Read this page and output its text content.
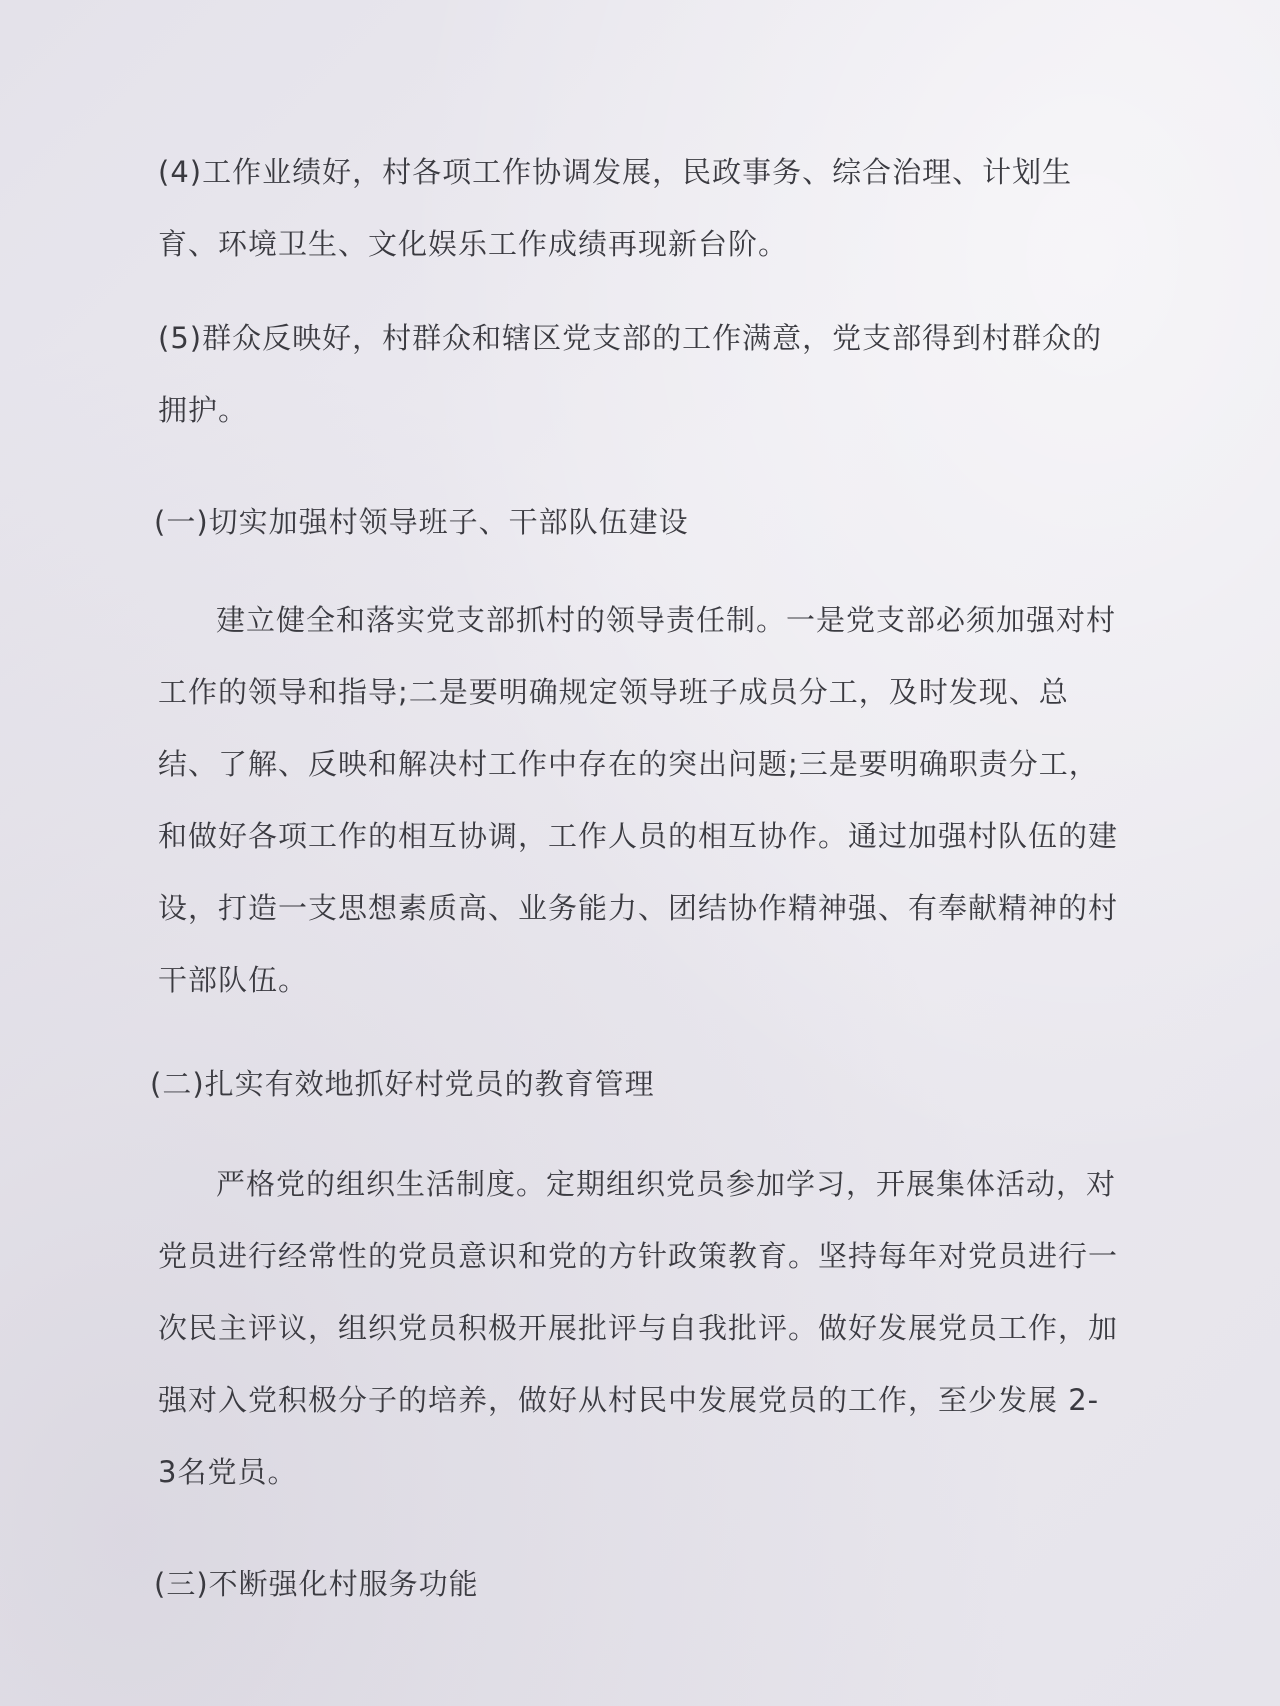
(4)工作业绩好，村各项工作协调发展，民政事务、综合治理、计划生育、环境卫生、文化娱乐工作成绩再现新台阶。

(5)群众反映好，村群众和辖区党支部的工作满意，党支部得到村群众的拥护。

(一)切实加强村领导班子、干部队伍建设

建立健全和落实党支部抓村的领导责任制。一是党支部必须加强对村工作的领导和指导;二是要明确规定领导班子成员分工，及时发现、总结、了解、反映和解决村工作中存在的突出问题;三是要明确职责分工，和做好各项工作的相互协调，工作人员的相互协作。通过加强村队伍的建设，打造一支思想素质高、业务能力、团结协作精神强、有奉献精神的村干部队伍。

(二)扎实有效地抓好村党员的教育管理

严格党的组织生活制度。定期组织党员参加学习，开展集体活动，对党员进行经常性的党员意识和党的方针政策教育。坚持每年对党员进行一次民主评议，组织党员积极开展批评与自我批评。做好发展党员工作，加强对入党积极分子的培养，做好从村民中发展党员的工作，至少发展 2-3名党员。

(三)不断强化村服务功能
